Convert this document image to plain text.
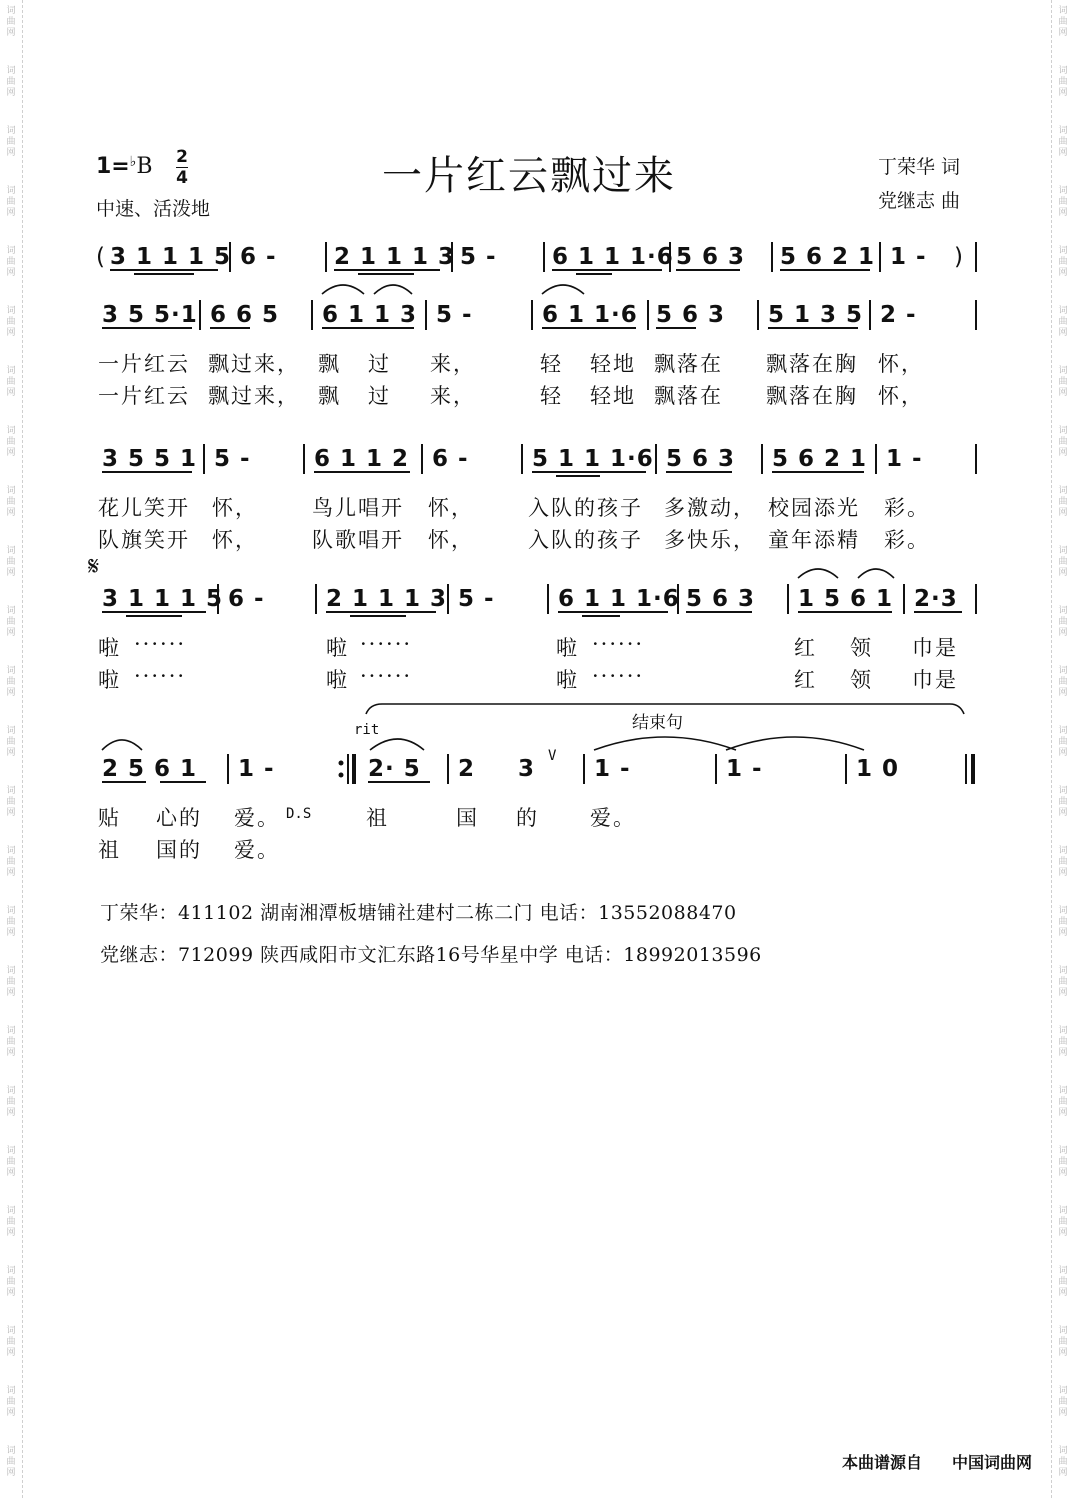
词
曲
网
词
曲
网
词
曲
网
词
曲
网
词
曲
网
词
曲
网
词
曲
网
词
曲
网
词
曲
网
词
曲
网
词
曲
网
词
曲
网
词
曲
网
词
曲
网
词
曲
网
词
曲
网
词
曲
网
词
曲
网
词
曲
网
词
曲
网
词
曲
网
词
曲
网
词
曲
网
词
曲
网
词
曲
网
词
曲
网
词
曲
网
词
曲
网
词
曲
网
词
曲
网
词
曲
网
词
曲
网
词
曲
网
词
曲
网
词
曲
网
词
曲
网
词
曲
网
词
曲
网
词
曲
网
词
曲
网
词
曲
网
词
曲
网
词
曲
网
词
曲
网
词
曲
网
词
曲
网
词
曲
网
词
曲
网
词
曲
网
词
曲
网
1=♭B 2
4
中速、活泼地
一片红云飘过来	丁荣华 词
党继志 曲
( 3 1 1 1 5 6 - 2 1 1 1 3 5 - 6 1 1 1·6 5 6 3 5 6 2 1 1 - )
3 5 5·1 6 6 5 6 1 1 3 5 -	6 1 1·6 5 6 3 5 1 3 5 2 -
一片红云 飘过来， 飘 过 来，	轻 轻地 飘落在 飘落在胸 怀，
一片红云 飘过来， 飘 过 来，	轻 轻地 飘落在 飘落在胸 怀，
3 5 5 1 5 -	6 1 1 2 6 -	5 1 1 1·6 5 6 3 5 6 2 1 1 -
花儿笑开 怀，	鸟儿唱开 怀，	入队的孩子 多激动， 校园添光 彩。
队旗笑开 怀，	队歌唱开 怀，	入队的孩子 多快乐， 童年添精 彩。
𝄋
3 1 1 1 5 6 -	2 1 1 1 3 5 -	6 1 1 1·6 5 6 3 1 5 6 1 2·3
啦 ······	啦 ······	啦 ······	红 领 巾是
啦 ······	啦 ······	啦 ······	红 领 巾是
rit	结束句
2 5 6 1 1 -	2· 5 2 3 V 1 -	1 -	1 0
贴 心的 爱。 D.S	祖	国 的 爱。
祖 国的 爱。
丁荣华：411102 湖南湘潭板塘铺社建村二栋二门 电话：13552088470
党继志：712099 陕西咸阳市文汇东路16号华星中学 电话：18992013596
本曲谱源自 中国词曲网
